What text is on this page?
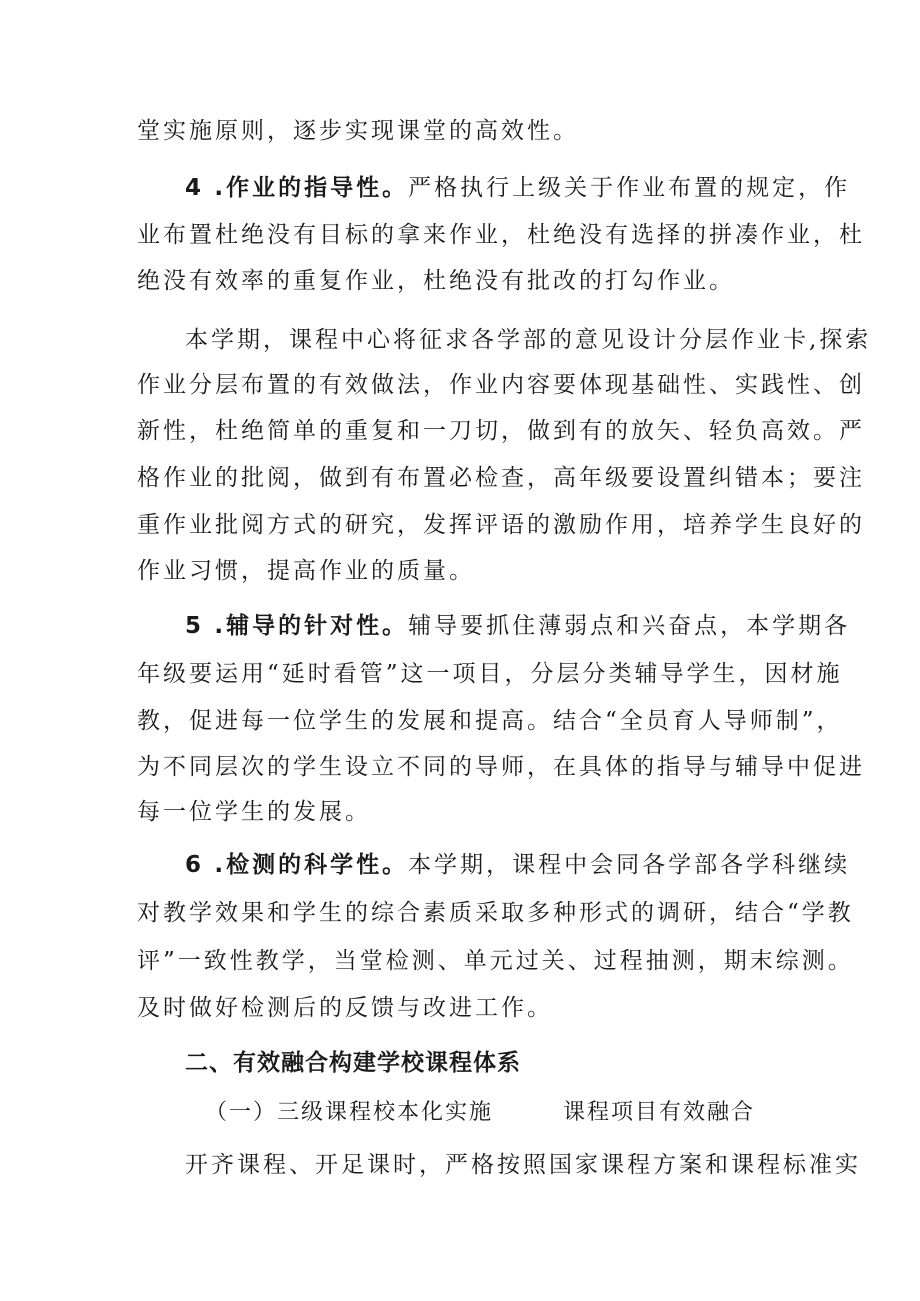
堂实施原则，逐步实现课堂的高效性。
4 .作业的指导性。严格执行上级关于作业布置的规定，作
业布置杜绝没有目标的拿来作业，杜绝没有选择的拼凑作业，杜
绝没有效率的重复作业，杜绝没有批改的打勾作业。
本学期，课程中心将征求各学部的意见设计分层作业卡,探索
作业分层布置的有效做法，作业内容要体现基础性、实践性、创
新性，杜绝简单的重复和一刀切，做到有的放矢、轻负高效。严
格作业的批阅，做到有布置必检查，高年级要设置纠错本；要注
重作业批阅方式的研究，发挥评语的激励作用，培养学生良好的
作业习惯，提高作业的质量。
5 .辅导的针对性。辅导要抓住薄弱点和兴奋点，本学期各
年级要运用“延时看管”这一项目，分层分类辅导学生，因材施
教，促进每一位学生的发展和提高。结合“全员育人导师制”，
为不同层次的学生设立不同的导师，在具体的指导与辅导中促进
每一位学生的发展。
6 .检测的科学性。本学期，课程中会同各学部各学科继续
对教学效果和学生的综合素质采取多种形式的调研，结合“学教
评”一致性教学，当堂检测、单元过关、过程抽测，期末综测。
及时做好检测后的反馈与改进工作。
二、有效融合构建学校课程体系
（一）三级课程校本化实施	课程项目有效融合
开齐课程、开足课时，严格按照国家课程方案和课程标准实
